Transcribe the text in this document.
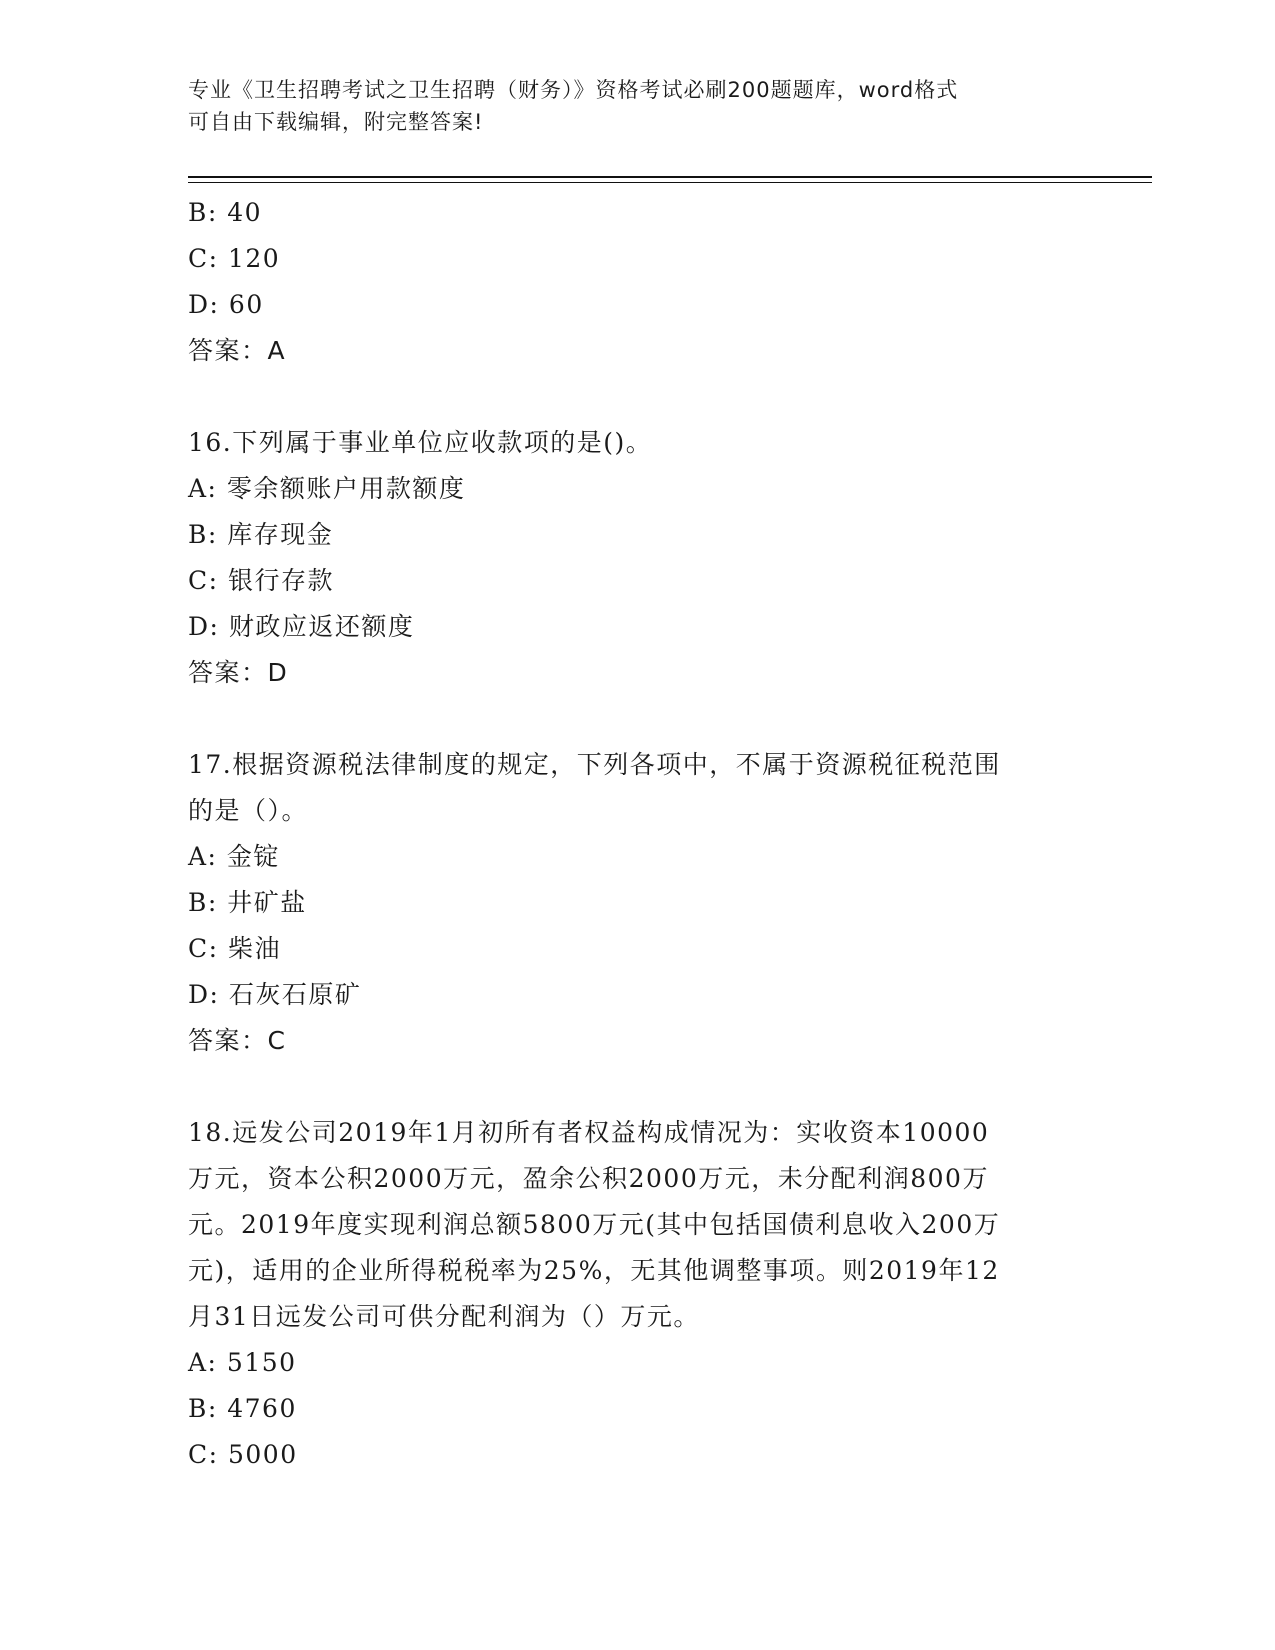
专业《卫生招聘考试之卫生招聘（财务）》资格考试必刷200题题库，word格式
可自由下载编辑，附完整答案!
B: 40
C: 120
D: 60
答案：A
16.下列属于事业单位应收款项的是()。
A: 零余额账户用款额度
B: 库存现金
C: 银行存款
D: 财政应返还额度
答案：D
17.根据资源税法律制度的规定，下列各项中，不属于资源税征税范围
的是（）。
A: 金锭
B: 井矿盐
C: 柴油
D: 石灰石原矿
答案：C
18.远发公司2019年1月初所有者权益构成情况为：实收资本10000
万元，资本公积2000万元，盈余公积2000万元，未分配利润800万
元。2019年度实现利润总额5800万元(其中包括国债利息收入200万
元)，适用的企业所得税税率为25%，无其他调整事项。则2019年12
月31日远发公司可供分配利润为（）万元。
A: 5150
B: 4760
C: 5000
